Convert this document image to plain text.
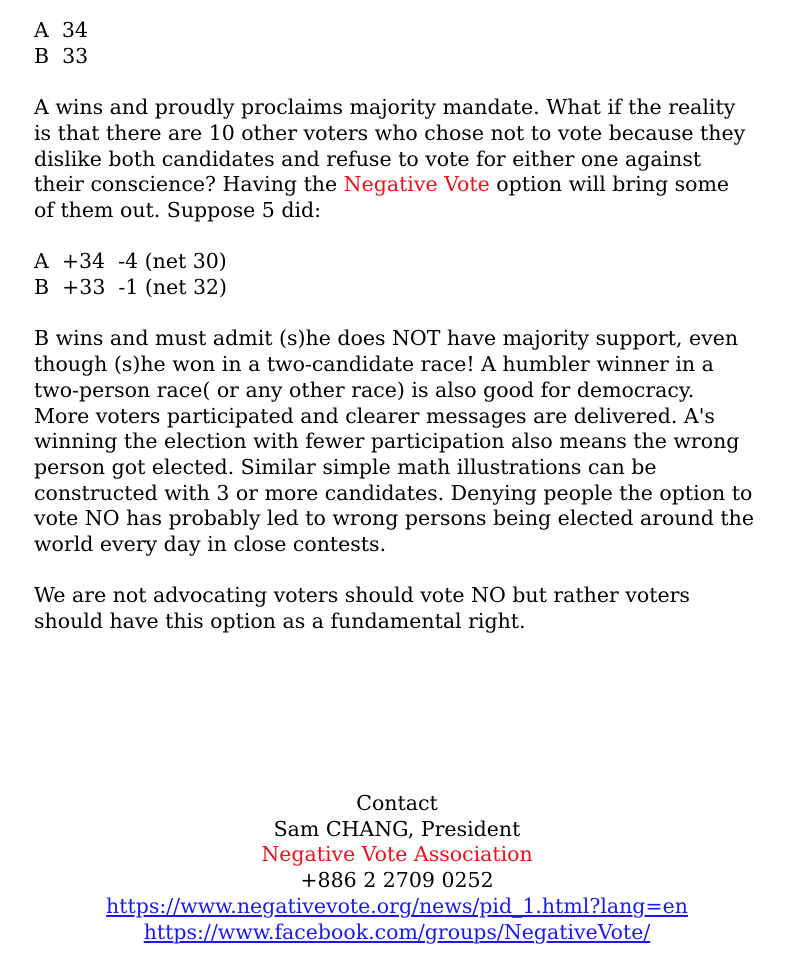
A  34
B  33

A wins and proudly proclaims majority mandate. What if the reality is that there are 10 other voters who chose not to vote because they dislike both candidates and refuse to vote for either one against their conscience? Having the Negative Vote option will bring some of them out. Suppose 5 did:

A  +34  -4 (net 30)
B  +33  -1 (net 32)

B wins and must admit (s)he does NOT have majority support, even though (s)he won in a two-candidate race! A humbler winner in a two-person race( or any other race) is also good for democracy. More voters participated and clearer messages are delivered. A's winning the election with fewer participation also means the wrong person got elected. Similar simple math illustrations can be constructed with 3 or more candidates. Denying people the option to vote NO has probably led to wrong persons being elected around the world every day in close contests.

We are not advocating voters should vote NO but rather voters should have this option as a fundamental right.

Contact
Sam CHANG, President
Negative Vote Association
+886 2 2709 0252
https://www.negativevote.org/news/pid_1.html?lang=en
https://www.facebook.com/groups/NegativeVote/
